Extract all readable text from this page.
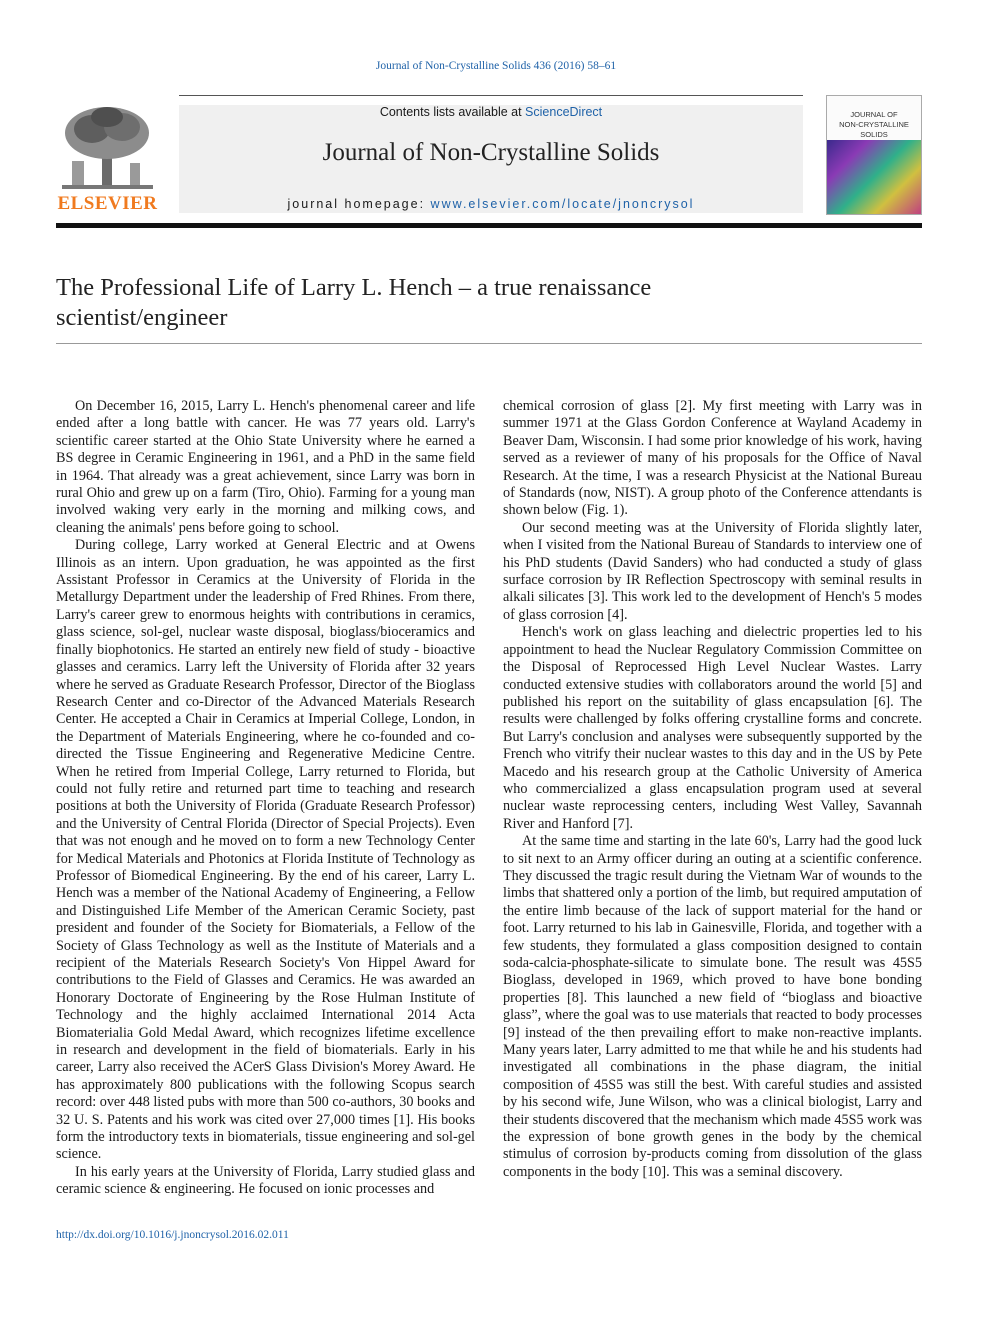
Journal of Non-Crystalline Solids 436 (2016) 58–61
ELSEVIER
Contents lists available at ScienceDirect
Journal of Non-Crystalline Solids
journal homepage: www.elsevier.com/locate/jnoncrysol
JOURNAL OF
NON-CRYSTALLINE SOLIDS
The Professional Life of Larry L. Hench – a true renaissance scientist/engineer

On December 16, 2015, Larry L. Hench's phenomenal career and life ended after a long battle with cancer. He was 77 years old. Larry's scientific career started at the Ohio State University where he earned a BS degree in Ceramic Engineering in 1961, and a PhD in the same field in 1964. That already was a great achievement, since Larry was born in rural Ohio and grew up on a farm (Tiro, Ohio). Farming for a young man involved waking very early in the morning and milking cows, and cleaning the animals' pens before going to school.

During college, Larry worked at General Electric and at Owens Illinois as an intern. Upon graduation, he was appointed as the first Assistant Professor in Ceramics at the University of Florida in the Metallurgy Department under the leadership of Fred Rhines. From there, Larry's career grew to enormous heights with contributions in ceramics, glass science, sol-gel, nuclear waste disposal, bioglass/bioceramics and finally biophotonics. He started an entirely new field of study - bioactive glasses and ceramics. Larry left the University of Florida after 32 years where he served as Graduate Research Professor, Director of the Bioglass Research Center and co-Director of the Advanced Materials Research Center. He accepted a Chair in Ceramics at Imperial College, London, in the Department of Materials Engineering, where he co-founded and co-directed the Tissue Engineering and Regenerative Medicine Centre. When he retired from Imperial College, Larry returned to Florida, but could not fully retire and returned part time to teaching and research positions at both the University of Florida (Graduate Research Professor) and the University of Central Florida (Director of Special Projects). Even that was not enough and he moved on to form a new Technology Center for Medical Materials and Photonics at Florida Institute of Technology as Professor of Biomedical Engineering. By the end of his career, Larry L. Hench was a member of the National Academy of Engineering, a Fellow and Distinguished Life Member of the American Ceramic Society, past president and founder of the Society for Biomaterials, a Fellow of the Society of Glass Technology as well as the Institute of Materials and a recipient of the Materials Research Society's Von Hippel Award for contributions to the Field of Glasses and Ceramics. He was awarded an Honorary Doctorate of Engineering by the Rose Hulman Institute of Technology and the highly acclaimed International 2014 Acta Biomaterialia Gold Medal Award, which recognizes lifetime excellence in research and development in the field of biomaterials. Early in his career, Larry also received the ACerS Glass Division's Morey Award. He has approximately 800 publications with the following Scopus search record: over 448 listed pubs with more than 500 co-authors, 30 books and 32 U. S. Patents and his work was cited over 27,000 times [1]. His books form the introductory texts in biomaterials, tissue engineering and sol-gel science.

In his early years at the University of Florida, Larry studied glass and ceramic science & engineering. He focused on ionic processes and

chemical corrosion of glass [2]. My first meeting with Larry was in summer 1971 at the Glass Gordon Conference at Wayland Academy in Beaver Dam, Wisconsin. I had some prior knowledge of his work, having served as a reviewer of many of his proposals for the Office of Naval Research. At the time, I was a research Physicist at the National Bureau of Standards (now, NIST). A group photo of the Conference attendants is shown below (Fig. 1).

Our second meeting was at the University of Florida slightly later, when I visited from the National Bureau of Standards to interview one of his PhD students (David Sanders) who had conducted a study of glass surface corrosion by IR Reflection Spectroscopy with seminal results in alkali silicates [3]. This work led to the development of Hench's 5 modes of glass corrosion [4].

Hench's work on glass leaching and dielectric properties led to his appointment to head the Nuclear Regulatory Commission Committee on the Disposal of Reprocessed High Level Nuclear Wastes. Larry conducted extensive studies with collaborators around the world [5] and published his report on the suitability of glass encapsulation [6]. The results were challenged by folks offering crystalline forms and concrete. But Larry's conclusion and analyses were subsequently supported by the French who vitrify their nuclear wastes to this day and in the US by Pete Macedo and his research group at the Catholic University of America who commercialized a glass encapsulation program used at several nuclear waste reprocessing centers, including West Valley, Savannah River and Hanford [7].

At the same time and starting in the late 60's, Larry had the good luck to sit next to an Army officer during an outing at a scientific conference. They discussed the tragic result during the Vietnam War of wounds to the limbs that shattered only a portion of the limb, but required amputation of the entire limb because of the lack of support material for the hand or foot. Larry returned to his lab in Gainesville, Florida, and together with a few students, they formulated a glass composition designed to contain soda-calcia-phosphate-silicate to simulate bone. The result was 45S5 Bioglass, developed in 1969, which proved to have bone bonding properties [8]. This launched a new field of “bioglass and bioactive glass”, where the goal was to use materials that reacted to body processes [9] instead of the then prevailing effort to make non-reactive implants. Many years later, Larry admitted to me that while he and his students had investigated all combinations in the phase diagram, the initial composition of 45S5 was still the best. With careful studies and assisted by his second wife, June Wilson, who was a clinical biologist, Larry and their students discovered that the mechanism which made 45S5 work was the expression of bone growth genes in the body by the chemical stimulus of corrosion by-products coming from dissolution of the glass components in the body [10]. This was a seminal discovery.

http://dx.doi.org/10.1016/j.jnoncrysol.2016.02.011
